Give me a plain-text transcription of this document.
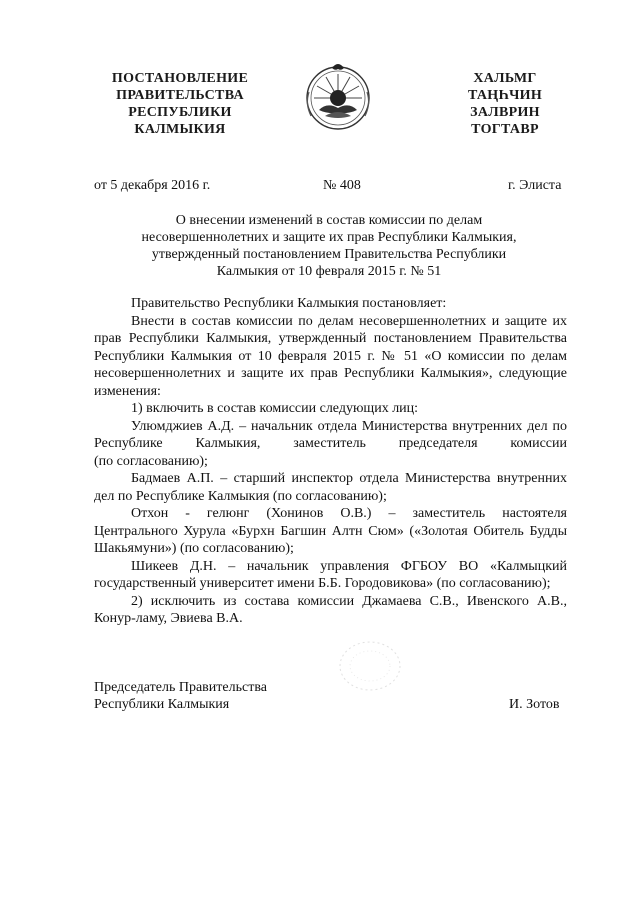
ПОСТАНОВЛЕНИЕ
ПРАВИТЕЛЬСТВА
РЕСПУБЛИКИ
КАЛМЫКИЯ
ХАЛЬМГ
ТАҢҺЧИН
ЗАЛВРИН
ТОГТАВР
от 5 декабря 2016 г.	№ 408	г. Элиста
О внесении изменений в состав комиссии по делам
несовершеннолетних и защите их прав Республики Калмыкия,
утвержденный постановлением Правительства Республики
Калмыкия от 10 февраля 2015 г. № 51
Правительство Республики Калмыкия постановляет:
Внести в состав комиссии по делам несовершеннолетних и защите их
прав Республики Калмыкия, утвержденный постановлением Правительства
Республики Калмыкия от 10 февраля 2015 г. № 51 «О комиссии по делам
несовершеннолетних и защите их прав Республики Калмыкия», следующие
изменения:
1) включить в состав комиссии следующих лиц:
Улюмджиев А.Д. – начальник отдела Министерства внутренних дел по
Республике Калмыкия, заместитель председателя комиссии
(по согласованию);
Бадмаев А.П. – старший инспектор отдела Министерства внутренних
дел по Республике Калмыкия (по согласованию);
Отхон - гелюнг (Хонинов О.В.) – заместитель настоятеля
Центрального Хурула «Бурхн Багшин Алтн Сюм» («Золотая Обитель Будды
Шакьямуни») (по согласованию);
Шикеев Д.Н. – начальник управления ФГБОУ ВО «Калмыцкий
государственный университет имени Б.Б. Городовикова» (по согласованию);
2) исключить из состава комиссии Джамаева С.В., Ивенского А.В.,
Конур-ламу, Эвиева В.А.
Председатель Правительства
Республики Калмыкия	И. Зотов
